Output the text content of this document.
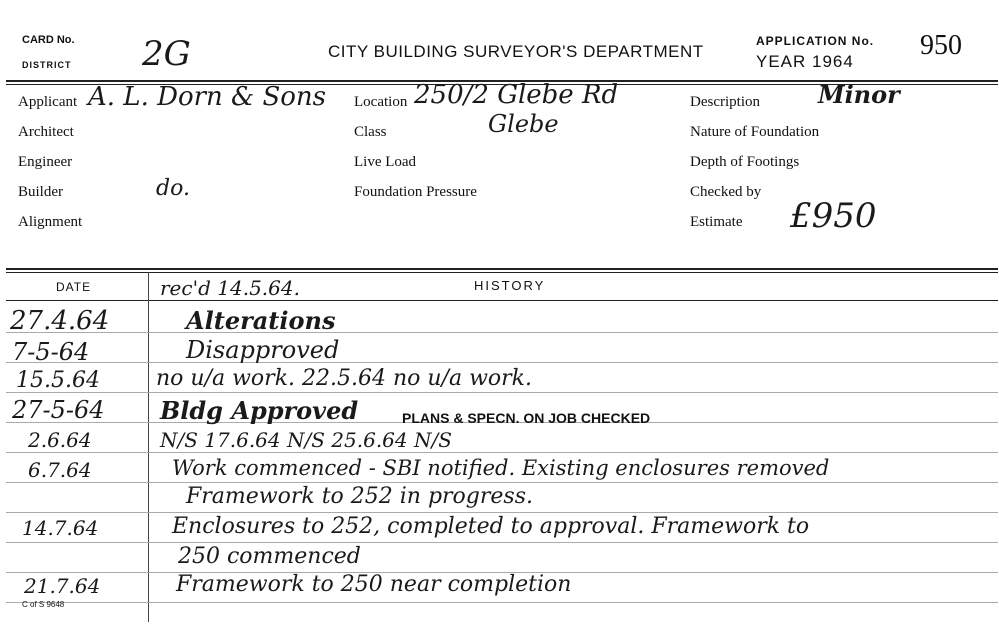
CARD No.
DISTRICT 2G	CITY BUILDING SURVEYOR'S DEPARTMENT
APPLICATION No.
YEAR 1964
950
Applicant A. L. Dorn & Sons
Architect
Engineer
Builder	do.
Alignment
Location 250/2 Glebe Rd
Glebe
Class
Live Load
Foundation Pressure
Description Minor
Nature of Foundation
Depth of Footings
Checked by
Estimate £950
DATE	HISTORY
rec'd 14.5.64.
27.4.64	Alterations
7-5-64	Disapproved
15.5.64	no u/a work. 22.5.64 no u/a work.
27-5-64 Bldg Approved	PLANS & SPECN. ON JOB CHECKED
2.6.64	N/S 17.6.64 N/S 25.6.64 N/S
6.7.64	Work commenced - SBI notified. Existing enclosures removed
Framework to 252 in progress.
14.7.64	Enclosures to 252, completed to approval. Framework to
250 commenced
21.7.64	Framework to 250 near completion
C of S 9648
